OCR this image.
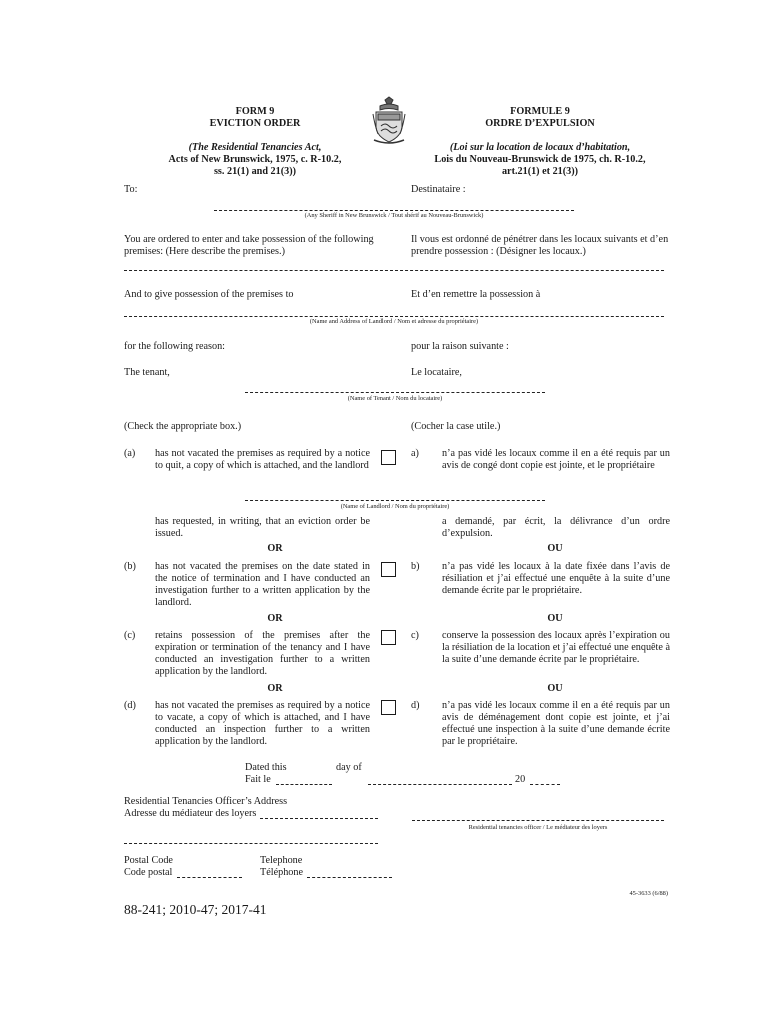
FORM 9
EVICTION ORDER
(The Residential Tenancies Act,
Acts of New Brunswick, 1975, c. R-10.2,
ss. 21(1) and 21(3))
FORMULE 9
ORDRE D’EXPULSION
(Loi sur la location de locaux d’habitation,
Lois du Nouveau-Brunswick de 1975, ch. R-10.2,
art.21(1) et 21(3))
To:	Destinataire :
(Any Sheriff in New Brunswick / Tout shérif au Nouveau-Brunswick)
You are ordered to enter and take possession of the following premises: (Here describe the premises.)
Il vous est ordonné de pénétrer dans les locaux suivants et d’en prendre possession : (Désigner les locaux.)
And to give possession of the premises to	Et d’en remettre la possession à
(Name and Address of Landlord / Nom et adresse du propriétaire)
for the following reason:	pour la raison suivante :
The tenant,	Le locataire,
(Name of Tenant / Nom du locataire)
(Check the appropriate box.)	(Cocher la case utile.)
(a) has not vacated the premises as required by a notice to quit, a copy of which is attached, and the landlord
a) n’a pas vidé les locaux comme il en a été requis par un avis de congé dont copie est jointe, et le propriétaire
(Name of Landlord / Nom du propriétaire)
has requested, in writing, that an eviction order be issued.
a demandé, par écrit, la délivrance d’un ordre d’expulsion.
OR	OU
(b) has not vacated the premises on the date stated in the notice of termination and I have conducted an investigation further to a written application by the landlord.
b) n’a pas vidé les locaux à la date fixée dans l’avis de résiliation et j’ai effectué une enquête à la suite d’une demande écrite par le propriétaire.
OR	OU
(c) retains possession of the premises after the expiration or termination of the tenancy and I have conducted an investigation further to a written application by the landlord.
c) conserve la possession des locaux après l’expiration ou la résiliation de la location et j’ai effectué une enquête à la suite d’une demande écrite par le propriétaire.
OR	OU
(d) has not vacated the premises as required by a notice to vacate, a copy of which is attached, and I have conducted an inspection further to a written application by the landlord.
d) n’a pas vidé les locaux comme il en a été requis par un avis de déménagement dont copie est jointe, et j’ai effectué une inspection à la suite d’une demande écrite par le propriétaire.
Dated this	day of
Fait le	20
Residential Tenancies Officer’s Address
Adresse du médiateur des loyers
Residential tenancies officer / Le médiateur des loyers
Postal Code
Code postal
Telephone
Téléphone
45-3633 (6/88)
88-241; 2010-47; 2017-41
